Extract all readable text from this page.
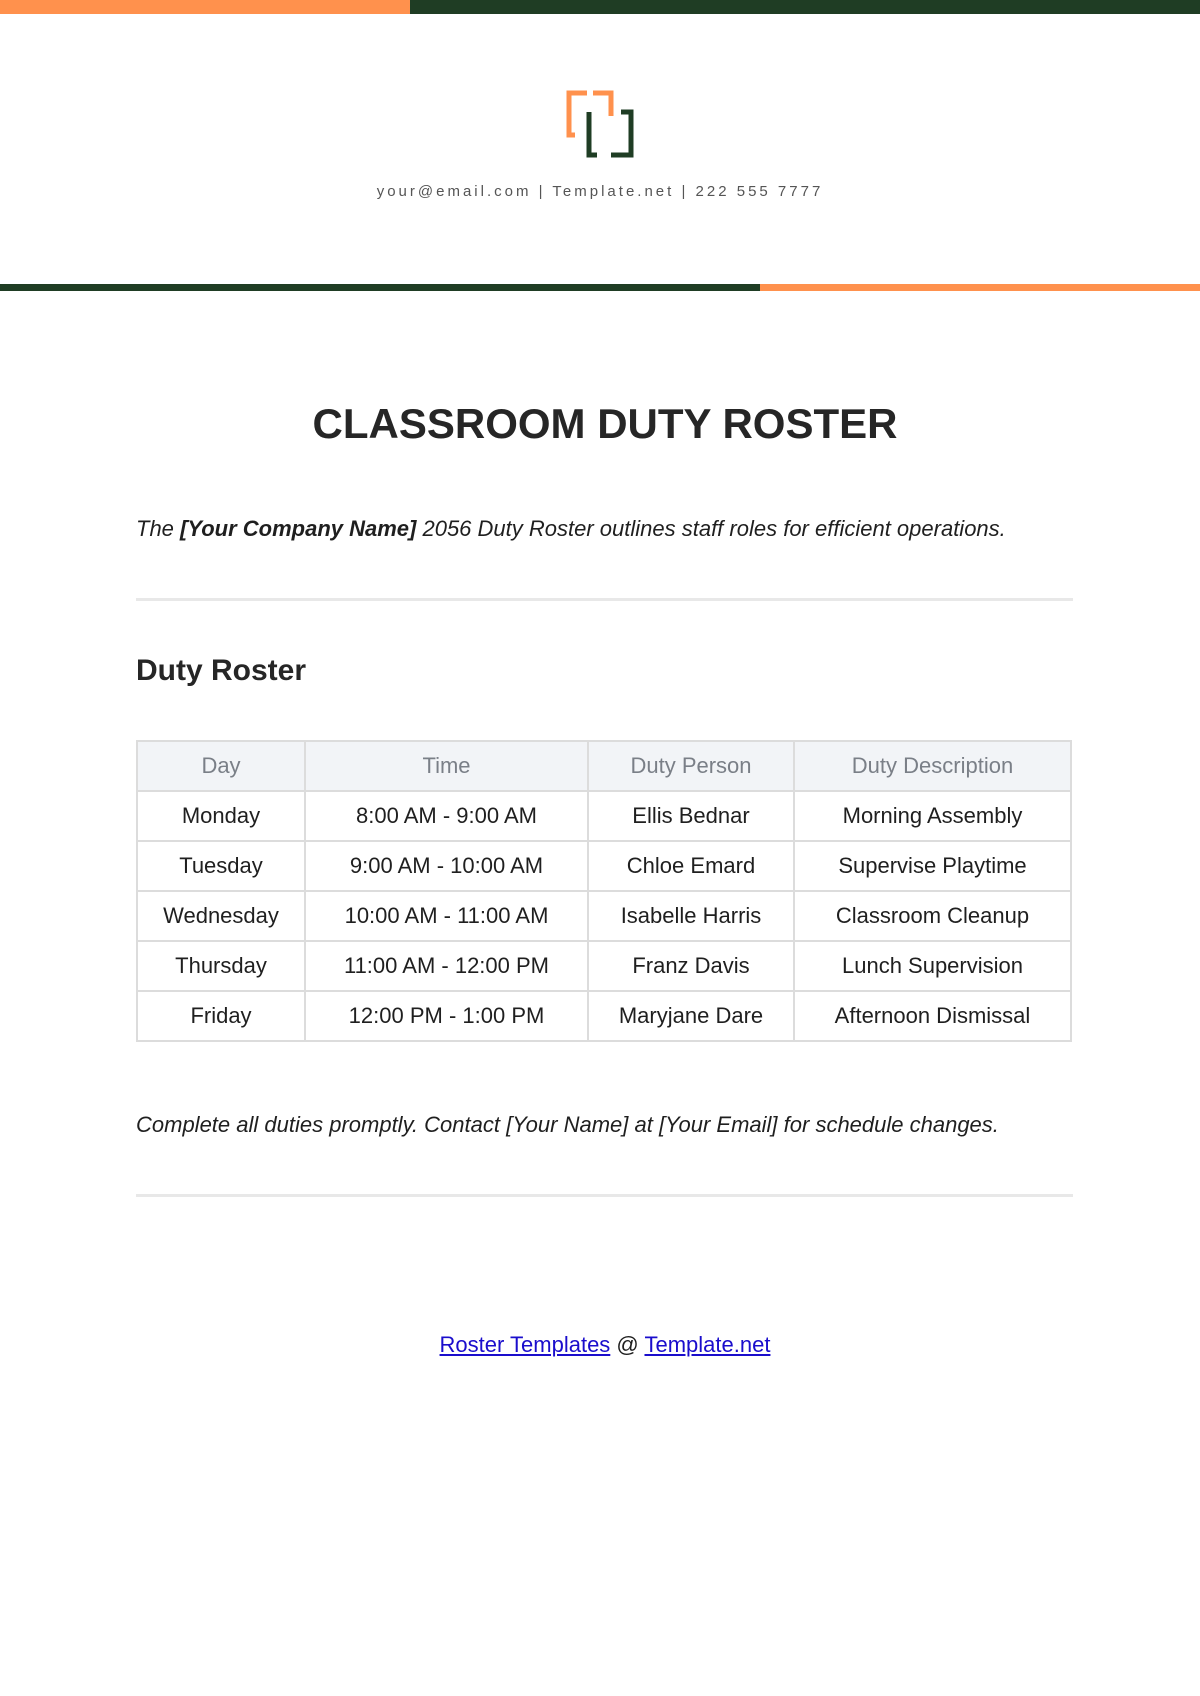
your@email.com | Template.net | 222 555 7777
CLASSROOM DUTY ROSTER

The [Your Company Name] 2056 Duty Roster outlines staff roles for efficient operations.

Duty Roster
Day	Time	Duty Person	Duty Description
Monday	8:00 AM - 9:00 AM	Ellis Bednar	Morning Assembly
Tuesday	9:00 AM - 10:00 AM	Chloe Emard	Supervise Playtime
Wednesday	10:00 AM - 11:00 AM	Isabelle Harris	Classroom Cleanup
Thursday	11:00 AM - 12:00 PM	Franz Davis	Lunch Supervision
Friday	12:00 PM - 1:00 PM	Maryjane Dare	Afternoon Dismissal

Complete all duties promptly. Contact [Your Name] at [Your Email] for schedule changes.

Roster Templates @ Template.net
